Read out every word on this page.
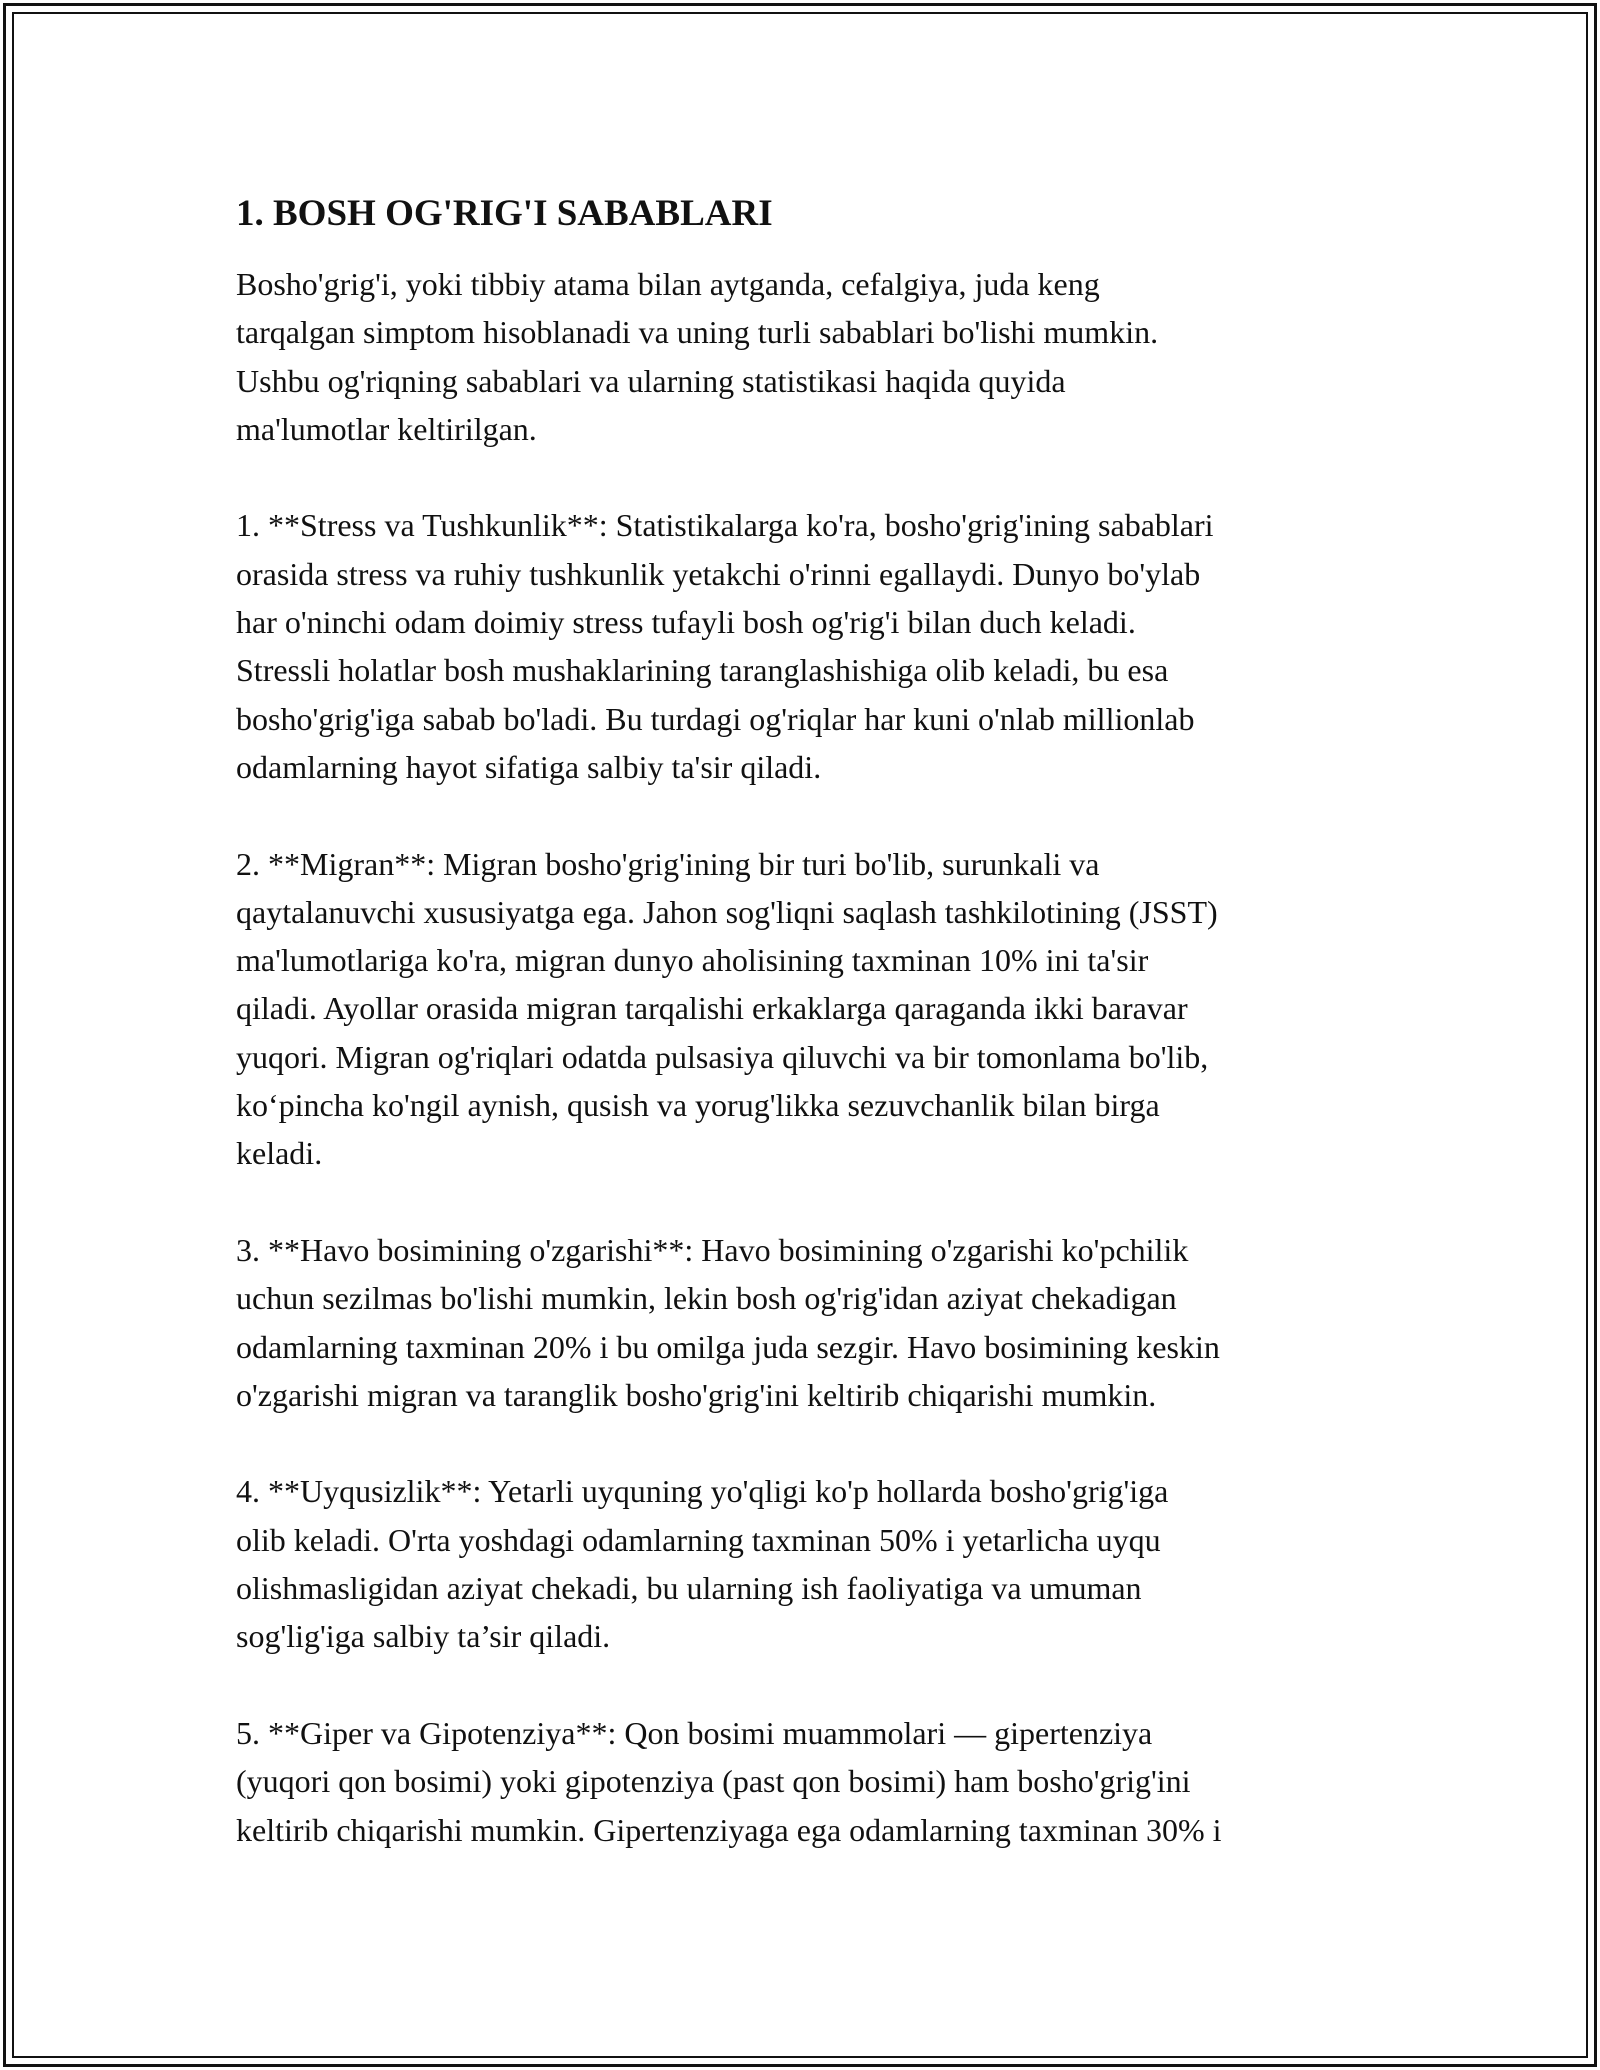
1. BOSH OG'RIG'I SABABLARI

Bosho'grig'i, yoki tibbiy atama bilan aytganda, cefalgiya, juda keng
tarqalgan simptom hisoblanadi va uning turli sabablari bo'lishi mumkin.
Ushbu og'riqning sabablari va ularning statistikasi haqida quyida
ma'lumotlar keltirilgan.

1. **Stress va Tushkunlik**: Statistikalarga ko'ra, bosho'grig'ining sabablari
orasida stress va ruhiy tushkunlik yetakchi o'rinni egallaydi. Dunyo bo'ylab
har o'ninchi odam doimiy stress tufayli bosh og'rig'i bilan duch keladi.
Stressli holatlar bosh mushaklarining taranglashishiga olib keladi, bu esa
bosho'grig'iga sabab bo'ladi. Bu turdagi og'riqlar har kuni o'nlab millionlab
odamlarning hayot sifatiga salbiy ta'sir qiladi.

2. **Migran**: Migran bosho'grig'ining bir turi bo'lib, surunkali va
qaytalanuvchi xususiyatga ega. Jahon sog'liqni saqlash tashkilotining (JSST)
ma'lumotlariga ko'ra, migran dunyo aholisining taxminan 10% ini ta'sir
qiladi. Ayollar orasida migran tarqalishi erkaklarga qaraganda ikki baravar
yuqori. Migran og'riqlari odatda pulsasiya qiluvchi va bir tomonlama bo'lib,
ko‘pincha ko'ngil aynish, qusish va yorug'likka sezuvchanlik bilan birga
keladi.

3. **Havo bosimining o'zgarishi**: Havo bosimining o'zgarishi ko'pchilik
uchun sezilmas bo'lishi mumkin, lekin bosh og'rig'idan aziyat chekadigan
odamlarning taxminan 20% i bu omilga juda sezgir. Havo bosimining keskin
o'zgarishi migran va taranglik bosho'grig'ini keltirib chiqarishi mumkin.

4. **Uyqusizlik**: Yetarli uyquning yo'qligi ko'p hollarda bosho'grig'iga
olib keladi. O'rta yoshdagi odamlarning taxminan 50% i yetarlicha uyqu
olishmasligidan aziyat chekadi, bu ularning ish faoliyatiga va umuman
sog'lig'iga salbiy ta’sir qiladi.

5. **Giper va Gipotenziya**: Qon bosimi muammolari — gipertenziya
(yuqori qon bosimi) yoki gipotenziya (past qon bosimi) ham bosho'grig'ini
keltirib chiqarishi mumkin. Gipertenziyaga ega odamlarning taxminan 30% i
